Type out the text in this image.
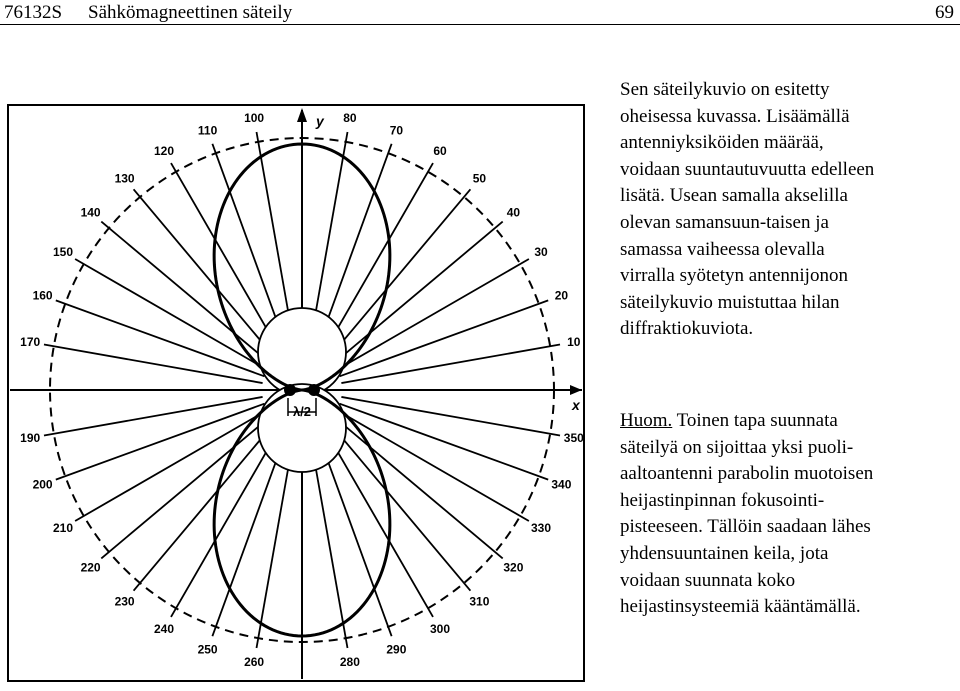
76132S Sähkömagneettinen säteily	69
10
20
30
40
50
60
70
80
100
110
120
130
140
150
160
170
190
200
210
220
230
240
250
260	280
290
300
310
320
330
340
350
λ/2
y
x
Sen säteilykuvio on esitetty
oheisessa kuvassa. Lisäämällä
antenniyksiköiden määrää,
voidaan suuntautuvuutta edelleen
lisätä. Usean samalla akselilla
olevan samansuun-taisen ja
samassa vaiheessa olevalla
virralla syötetyn antennijonon
säteilykuvio muistuttaa hilan
diffraktiokuviota.
Huom. Toinen tapa suunnata
säteilyä on sijoittaa yksi puoli-
aaltoantenni parabolin muotoisen
heijastinpinnan fokusointi-
pisteeseen. Tällöin saadaan lähes
yhdensuuntainen keila, jota
voidaan suunnata koko
heijastinsysteemiä kääntämällä.
